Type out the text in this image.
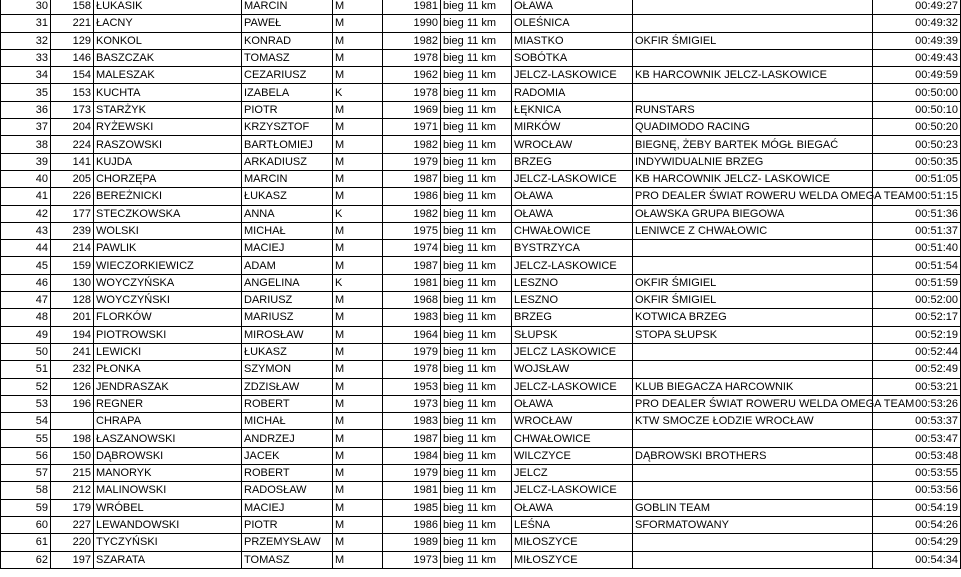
30	158	ŁUKASIK	MARCIN	M	1981	bieg 11 km	OŁAWA		00:49:27
31	221	ŁACNY	PAWEŁ	M	1990	bieg 11 km	OLEŚNICA		00:49:32
32	129	KONKOL	KONRAD	M	1982	bieg 11 km	MIASTKO	OKFIR ŚMIGIEL	00:49:39
33	146	BASZCZAK	TOMASZ	M	1978	bieg 11 km	SOBÓTKA		00:49:43
34	154	MALESZAK	CEZARIUSZ	M	1962	bieg 11 km	JELCZ-LASKOWICE	KB HARCOWNIK JELCZ-LASKOWICE	00:49:59
35	153	KUCHTA	IZABELA	K	1978	bieg 11 km	RADOMIA		00:50:00
36	173	STARŻYK	PIOTR	M	1969	bieg 11 km	ŁĘKNICA	RUNSTARS	00:50:10
37	204	RYŻEWSKI	KRZYSZTOF	M	1971	bieg 11 km	MIRKÓW	QUADIMODO RACING	00:50:20
38	224	RASZOWSKI	BARTŁOMIEJ	M	1982	bieg 11 km	WROCŁAW	BIEGNĘ, ŻEBY BARTEK MÓGŁ BIEGAĆ	00:50:23
39	141	KUJDA	ARKADIUSZ	M	1979	bieg 11 km	BRZEG	INDYWIDUALNIE BRZEG	00:50:35
40	205	CHORZĘPA	MARCIN	M	1987	bieg 11 km	JELCZ-LASKOWICE	KB HARCOWNIK JELCZ- LASKOWICE	00:51:05
41	226	BEREŻNICKI	ŁUKASZ	M	1986	bieg 11 km	OŁAWA	PRO DEALER ŚWIAT ROWERU WELDA OMEGA TEAM	00:51:15
42	177	STECZKOWSKA	ANNA	K	1982	bieg 11 km	OŁAWA	OŁAWSKA GRUPA BIEGOWA	00:51:36
43	239	WOLSKI	MICHAŁ	M	1975	bieg 11 km	CHWAŁOWICE	LENIWCE Z CHWAŁOWIC	00:51:37
44	214	PAWLIK	MACIEJ	M	1974	bieg 11 km	BYSTRZYCA		00:51:40
45	159	WIECZORKIEWICZ	ADAM	M	1987	bieg 11 km	JELCZ-LASKOWICE		00:51:54
46	130	WOYCZYŃSKA	ANGELINA	K	1981	bieg 11 km	LESZNO	OKFIR ŚMIGIEL	00:51:59
47	128	WOYCZYŃSKI	DARIUSZ	M	1968	bieg 11 km	LESZNO	OKFIR ŚMIGIEL	00:52:00
48	201	FLORKÓW	MARIUSZ	M	1983	bieg 11 km	BRZEG	KOTWICA BRZEG	00:52:17
49	194	PIOTROWSKI	MIROSŁAW	M	1964	bieg 11 km	SŁUPSK	STOPA SŁUPSK	00:52:19
50	241	LEWICKI	ŁUKASZ	M	1979	bieg 11 km	JELCZ LASKOWICE		00:52:44
51	232	PŁONKA	SZYMON	M	1978	bieg 11 km	WOJSŁAW		00:52:49
52	126	JENDRASZAK	ZDZISŁAW	M	1953	bieg 11 km	JELCZ-LASKOWICE	KLUB BIEGACZA HARCOWNIK	00:53:21
53	196	REGNER	ROBERT	M	1973	bieg 11 km	OŁAWA	PRO DEALER ŚWIAT ROWERU WELDA OMEGA TEAM	00:53:26
54		CHRAPA	MICHAŁ	M	1983	bieg 11 km	WROCŁAW	KTW SMOCZE ŁODZIE WROCŁAW	00:53:37
55	198	ŁASZANOWSKI	ANDRZEJ	M	1987	bieg 11 km	CHWAŁOWICE		00:53:47
56	150	DĄBROWSKI	JACEK	M	1984	bieg 11 km	WILCZYCE	DĄBROWSKI BROTHERS	00:53:48
57	215	MANORYK	ROBERT	M	1979	bieg 11 km	JELCZ		00:53:55
58	212	MALINOWSKI	RADOSŁAW	M	1981	bieg 11 km	JELCZ-LASKOWICE		00:53:56
59	179	WRÓBEL	MACIEJ	M	1985	bieg 11 km	OŁAWA	GOBLIN TEAM	00:54:19
60	227	LEWANDOWSKI	PIOTR	M	1986	bieg 11 km	LEŚNA	SFORMATOWANY	00:54:26
61	220	TYCZYŃSKI	PRZEMYSŁAW	M	1989	bieg 11 km	MIŁOSZYCE		00:54:29
62	197	SZARATA	TOMASZ	M	1973	bieg 11 km	MIŁOSZYCE		00:54:34
